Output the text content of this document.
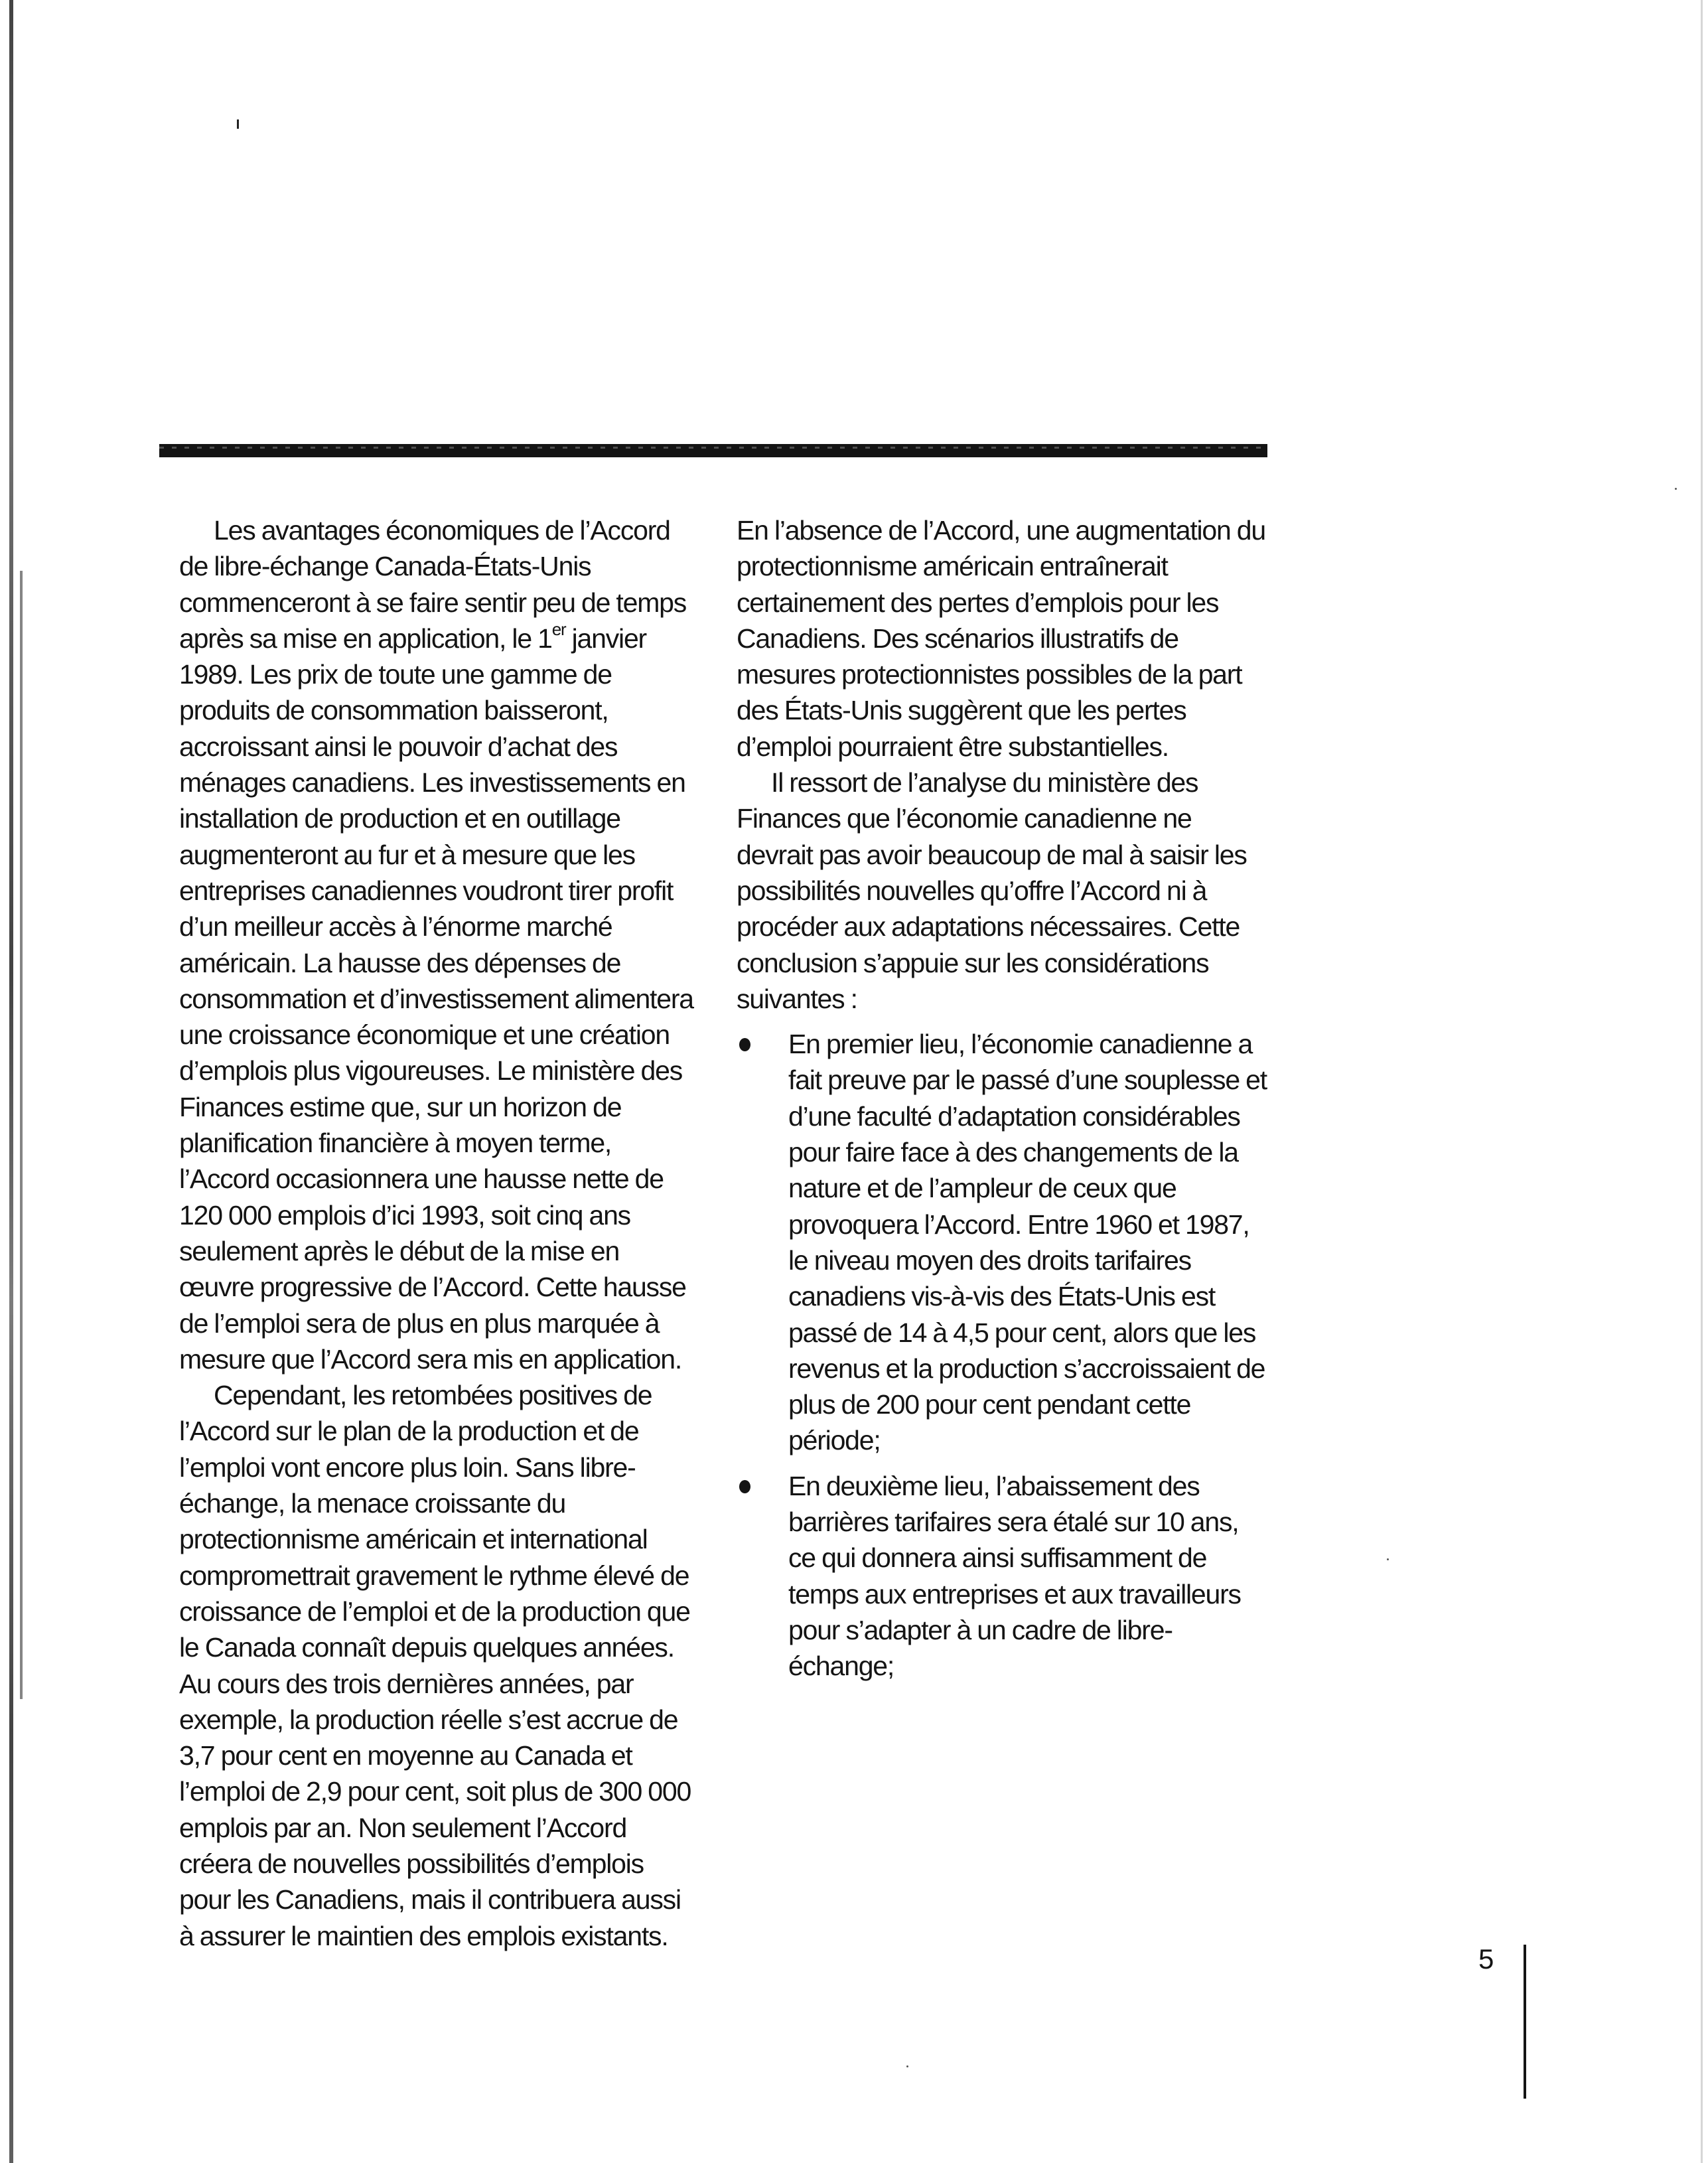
Les avantages économiques de l’Accord de libre-échange Canada-États-Unis commenceront à se faire sentir peu de temps après sa mise en application, le 1er janvier 1989. Les prix de toute une gamme de produits de consommation baisseront, accroissant ainsi le pouvoir d’achat des ménages canadiens. Les investissements en installation de production et en outillage augmenteront au fur et à mesure que les entreprises canadiennes voudront tirer profit d’un meilleur accès à l’énorme marché américain. La hausse des dépenses de consommation et d’investissement alimentera une croissance économique et une création d’emplois plus vigoureuses. Le ministère des Finances estime que, sur un horizon de planification financière à moyen terme, l’Accord occasionnera une hausse nette de 120 000 emplois d’ici 1993, soit cinq ans seulement après le début de la mise en œuvre progressive de l’Accord. Cette hausse de l’emploi sera de plus en plus marquée à mesure que l’Accord sera mis en application.

Cependant, les retombées positives de l’Accord sur le plan de la production et de l’emploi vont encore plus loin. Sans libre-échange, la menace croissante du protectionnisme américain et international compromettrait gravement le rythme élevé de croissance de l’emploi et de la production que le Canada connaît depuis quelques années. Au cours des trois dernières années, par exemple, la production réelle s’est accrue de 3,7 pour cent en moyenne au Canada et l’emploi de 2,9 pour cent, soit plus de 300 000 emplois par an. Non seulement l’Accord créera de nouvelles possibilités d’emplois pour les Canadiens, mais il contribuera aussi à assurer le maintien des emplois existants.

En l’absence de l’Accord, une augmentation du protectionnisme américain entraînerait certainement des pertes d’emplois pour les Canadiens. Des scénarios illustratifs de mesures protectionnistes possibles de la part des États-Unis suggèrent que les pertes d’emploi pourraient être substantielles.

Il ressort de l’analyse du ministère des Finances que l’économie canadienne ne devrait pas avoir beaucoup de mal à saisir les possibilités nouvelles qu’offre l’Accord ni à procéder aux adaptations nécessaires. Cette conclusion s’appuie sur les considérations suivantes :

En premier lieu, l’économie canadienne a fait preuve par le passé d’une souplesse et d’une faculté d’adaptation considérables pour faire face à des changements de la nature et de l’ampleur de ceux que provoquera l’Accord. Entre 1960 et 1987, le niveau moyen des droits tarifaires canadiens vis-à-vis des États-Unis est passé de 14 à 4,5 pour cent, alors que les revenus et la production s’accroissaient de plus de 200 pour cent pendant cette période;
En deuxième lieu, l’abaissement des barrières tarifaires sera étalé sur 10 ans, ce qui donnera ainsi suffisamment de temps aux entreprises et aux travailleurs pour s’adapter à un cadre de libre-échange;
5
